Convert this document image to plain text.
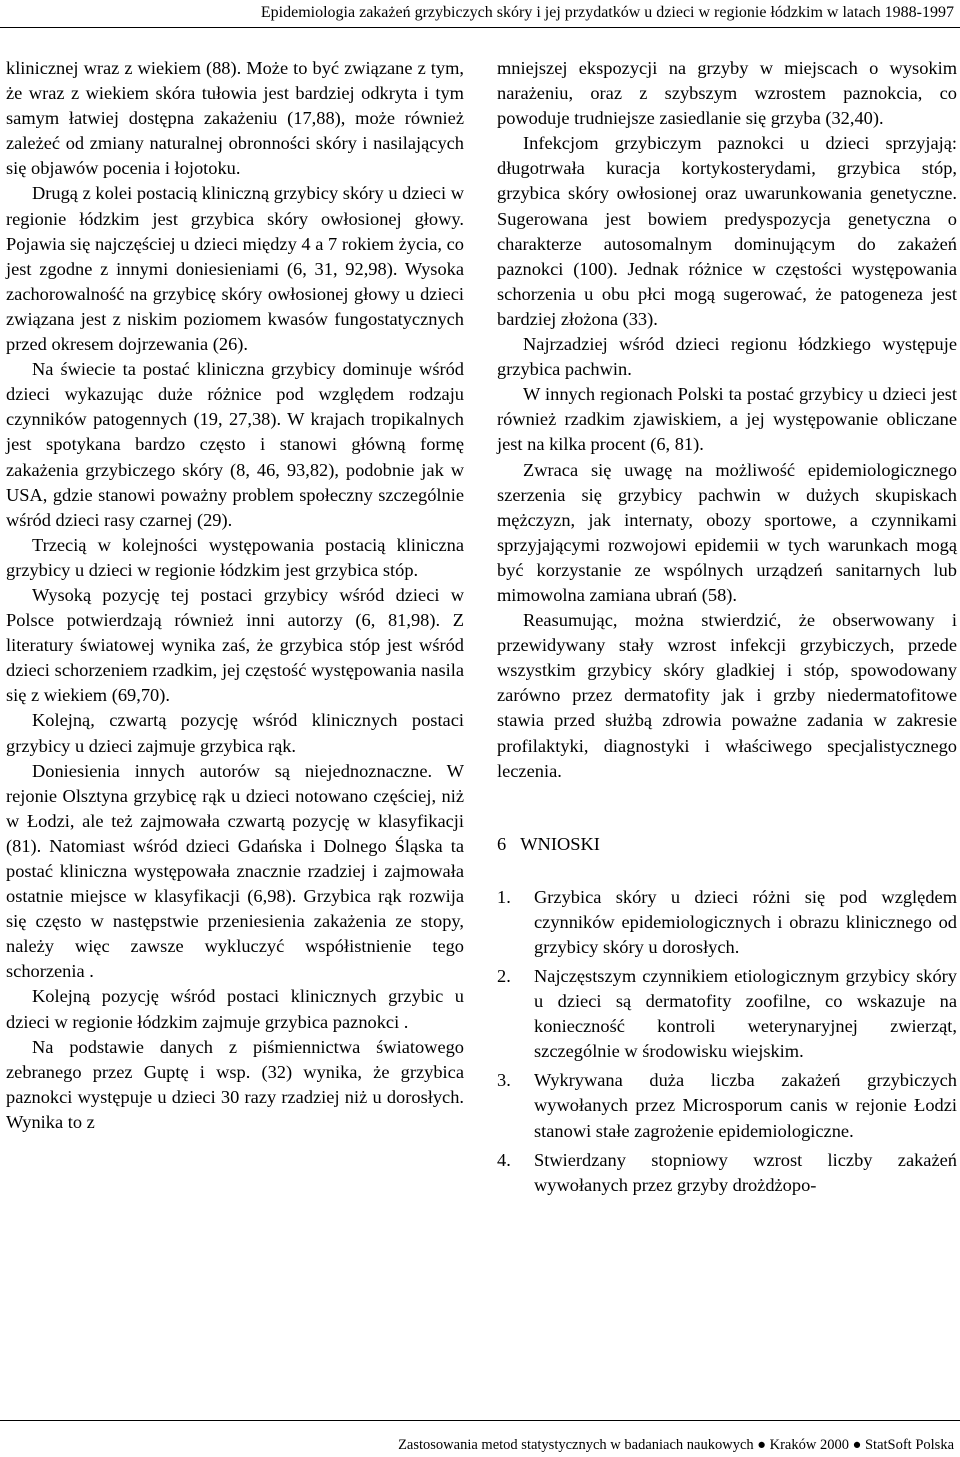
Epidemiologia zakażeń grzybiczych skóry i jej przydatków u dzieci w regionie łódzkim w latach 1988-1997

klinicznej wraz z wiekiem (88). Może to być związane z tym, że wraz z wiekiem skóra tułowia jest bardziej odkryta i tym samym łatwiej dostępna zakażeniu (17,88), może również zależeć od zmiany naturalnej obronności skóry i nasilających się objawów pocenia i łojotoku.

Drugą z kolei postacią kliniczną grzybicy skóry u dzieci w regionie łódzkim jest grzybica skóry owłosionej głowy. Pojawia się najczęściej u dzieci między 4 a 7 rokiem życia, co jest zgodne z innymi doniesieniami (6, 31, 92,98). Wysoka zachorowalność na grzybicę skóry owłosionej głowy u dzieci związana jest z niskim poziomem kwasów fungostatycznych przed okresem dojrzewania (26).

Na świecie ta postać kliniczna grzybicy dominuje wśród dzieci wykazując duże różnice pod względem rodzaju czynników patogennych (19, 27,38). W krajach tropikalnych jest spotykana bardzo często i stanowi główną formę zakażenia grzybiczego skóry (8, 46, 93,82), podobnie jak w USA, gdzie stanowi poważny problem społeczny szczególnie wśród dzieci rasy czarnej (29).

Trzecią w kolejności występowania postacią kliniczna grzybicy u dzieci w regionie łódzkim jest grzybica stóp.

Wysoką pozycję tej postaci grzybicy wśród dzieci w Polsce potwierdzają również inni autorzy (6, 81,98). Z literatury światowej wynika zaś, że grzybica stóp jest wśród dzieci schorzeniem rzadkim, jej częstość występowania nasila się z wiekiem (69,70).

Kolejną, czwartą pozycję wśród klinicznych postaci grzybicy u dzieci zajmuje grzybica rąk.

Doniesienia innych autorów są niejednoznaczne. W rejonie Olsztyna grzybicę rąk u dzieci notowano częściej, niż w Łodzi, ale też zajmowała czwartą pozycję w klasyfikacji (81). Natomiast wśród dzieci Gdańska i Dolnego Śląska ta postać kliniczna występowała znacznie rzadziej i zajmowała ostatnie miejsce w klasyfikacji (6,98). Grzybica rąk rozwija się często w następstwie przeniesienia zakażenia ze stopy, należy więc zawsze wykluczyć współistnienie tego schorzenia .

Kolejną pozycję wśród postaci klinicznych grzybic u dzieci w regionie łódzkim zajmuje grzybica paznokci .

Na podstawie danych z piśmiennictwa światowego zebranego przez Guptę i wsp. (32) wynika, że grzybica paznokci występuje u dzieci 30 razy rzadziej niż u dorosłych. Wynika to z

mniejszej ekspozycji na grzyby w miejscach o wysokim narażeniu, oraz z szybszym wzrostem paznokcia, co powoduje trudniejsze zasiedlanie się grzyba (32,40).

Infekcjom grzybiczym paznokci u dzieci sprzyjają: długotrwała kuracja kortykosterydami, grzybica stóp, grzybica skóry owłosionej oraz uwarunkowania genetyczne. Sugerowana jest bowiem predyspozycja genetyczna o charakterze autosomalnym dominującym do zakażeń paznokci (100). Jednak różnice w częstości występowania schorzenia u obu płci mogą sugerować, że patogeneza jest bardziej złożona (33).

Najrzadziej wśród dzieci regionu łódzkiego występuje grzybica pachwin.

W innych regionach Polski ta postać grzybicy u dzieci jest również rzadkim zjawiskiem, a jej występowanie obliczane jest na kilka procent (6, 81).

Zwraca się uwagę na możliwość epidemiologicznego szerzenia się grzybicy pachwin w dużych skupiskach mężczyzn, jak internaty, obozy sportowe, a czynnikami sprzyjającymi rozwojowi epidemii w tych warunkach mogą być korzystanie ze wspólnych urządzeń sanitarnych lub mimowolna zamiana ubrań (58).

Reasumując, można stwierdzić, że obserwowany i przewidywany stały wzrost infekcji grzybiczych, przede wszystkim grzybicy skóry gladkiej i stóp, spowodowany zarówno przez dermatofity jak i grzby niedermatofitowe stawia przed służbą zdrowia poważne zadania w zakresie profilaktyki, diagnostyki i właściwego specjalistycznego leczenia.

6 WNIOSKI
1. Grzybica skóry u dzieci różni się pod względem czynników epidemiologicznych i obrazu klinicznego od grzybicy skóry u dorosłych.
2. Najczęstszym czynnikiem etiologicznym grzybicy skóry u dzieci są dermatofity zoofilne, co wskazuje na konieczność kontroli weterynaryjnej zwierząt, szczególnie w środowisku wiejskim.
3. Wykrywana duża liczba zakażeń grzybiczych wywołanych przez Microsporum canis w rejonie Łodzi stanowi stałe zagrożenie epidemiologiczne.
4. Stwierdzany stopniowy wzrost liczby zakażeń wywołanych przez grzyby drożdżopo-
Zastosowania metod statystycznych w badaniach naukowych ● Kraków 2000 ● StatSoft Polska
